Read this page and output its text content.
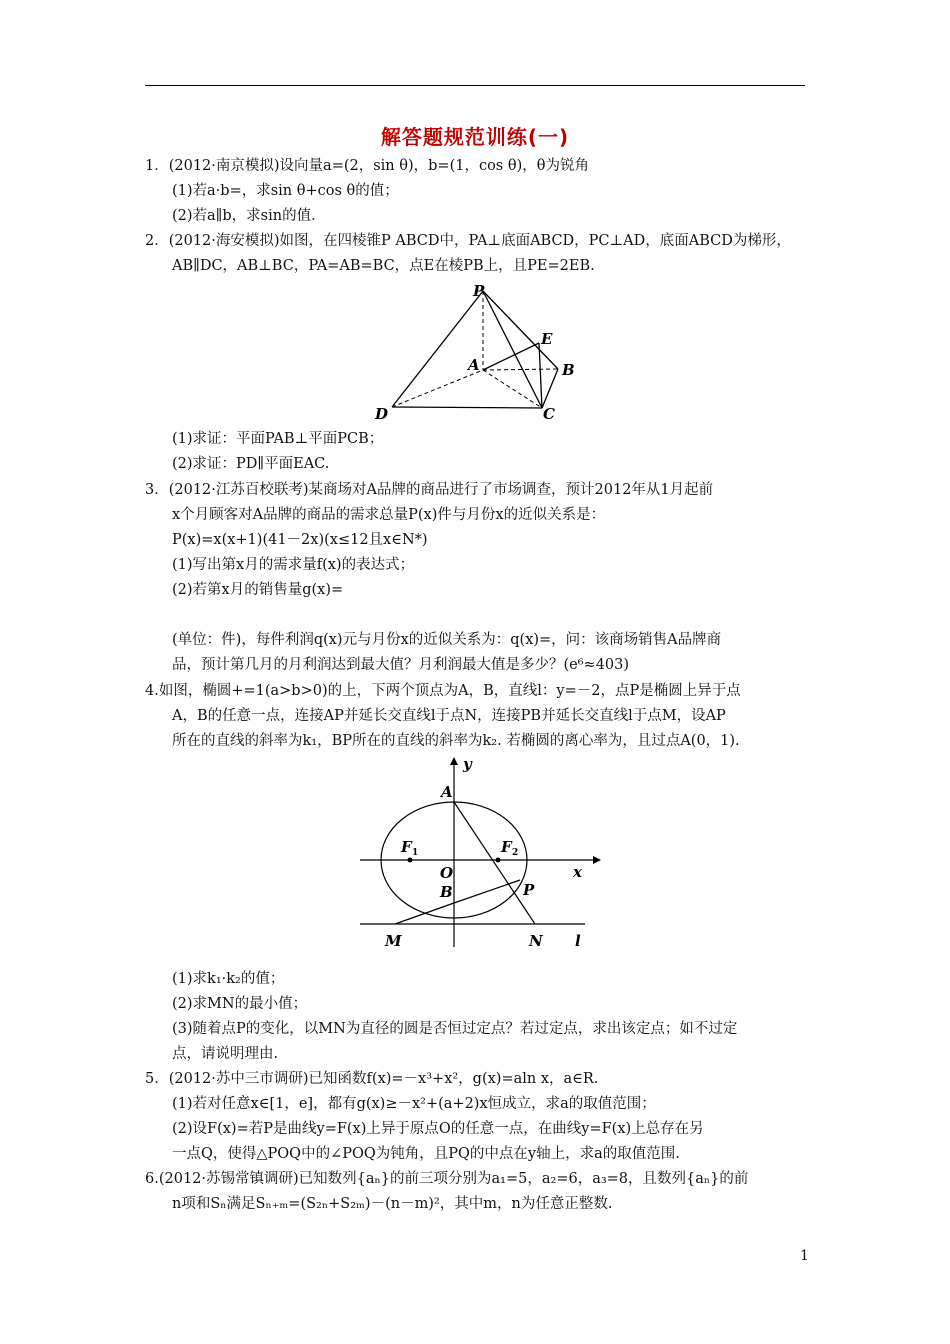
解答题规范训练(一)
1．(2012·南京模拟)设向量a=(2，sin θ)，b=(1，cos θ)，θ为锐角
(1)若a·b=，求sin θ+cos θ的值；
(2)若a∥b，求sin的值．
2．(2012·海安模拟)如图，在四棱锥P ABCD中，PA⊥底面ABCD，PC⊥AD，底面ABCD为梯形，
AB∥DC，AB⊥BC，PA=AB=BC，点E在棱PB上，且PE=2EB.
P
E
A	B
D	C
(1)求证：平面PAB⊥平面PCB；
(2)求证：PD∥平面EAC.
3．(2012·江苏百校联考)某商场对A品牌的商品进行了市场调查，预计2012年从1月起前
x个月顾客对A品牌的商品的需求总量P(x)件与月份x的近似关系是：
P(x)=x(x+1)(41－2x)(x≤12且x∈N*)
(1)写出第x月的需求量f(x)的表达式；
(2)若第x月的销售量g(x)=
(单位：件)，每件利润q(x)元与月份x的近似关系为：q(x)=，问：该商场销售A品牌商
品，预计第几月的月利润达到最大值？月利润最大值是多少？(e⁶≈403)
4.如图，椭圆+=1(a>b>0)的上，下两个顶点为A，B，直线l：y=－2，点P是椭圆上异于点
A，B的任意一点，连接AP并延长交直线l于点N，连接PB并延长交直线l于点M，设AP
所在的直线的斜率为k₁，BP所在的直线的斜率为k₂. 若椭圆的离心率为，且过点A(0，1).
y
A
F 1	F 2
O	x
B	P
M	N l
(1)求k₁·k₂的值；
(2)求MN的最小值；
(3)随着点P的变化，以MN为直径的圆是否恒过定点？若过定点，求出该定点；如不过定
点，请说明理由.
5．(2012·苏中三市调研)已知函数f(x)=－x³+x²，g(x)=aln x，a∈R.
(1)若对任意x∈[1，e]，都有g(x)≥－x²+(a+2)x恒成立，求a的取值范围；
(2)设F(x)=若P是曲线y=F(x)上异于原点O的任意一点，在曲线y=F(x)上总存在另
一点Q，使得△POQ中的∠POQ为钝角，且PQ的中点在y轴上，求a的取值范围.
6.(2012·苏锡常镇调研)已知数列{aₙ}的前三项分别为a₁=5，a₂=6，a₃=8，且数列{aₙ}的前
n项和Sₙ满足Sₙ₊ₘ=(S₂ₙ+S₂ₘ)－(n－m)²，其中m，n为任意正整数.
1
